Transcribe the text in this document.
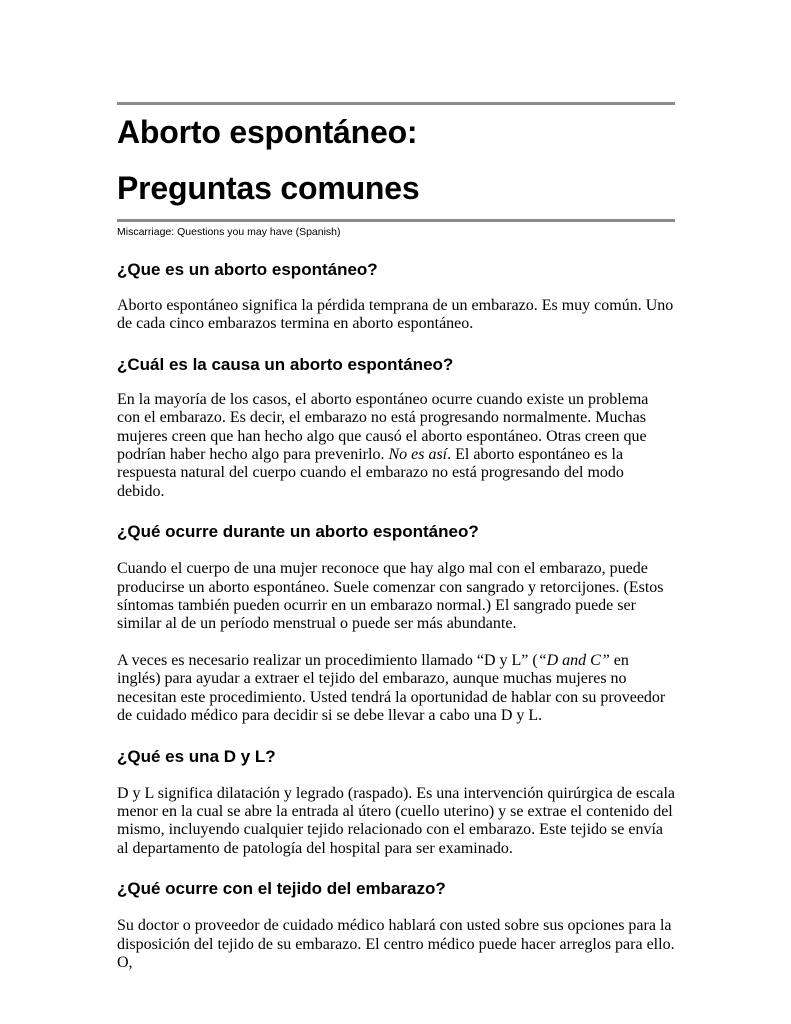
Aborto espontáneo:
Preguntas comunes
Miscarriage: Questions you may have (Spanish)
¿Que es un aborto espontáneo?

Aborto espontáneo significa la pérdida temprana de un embarazo. Es muy común. Uno de cada cinco embarazos termina en aborto espontáneo.

¿Cuál es la causa un aborto espontáneo?

En la mayoría de los casos, el aborto espontáneo ocurre cuando existe un problema con el embarazo. Es decir, el embarazo no está progresando normalmente. Muchas mujeres creen que han hecho algo que causó el aborto espontáneo. Otras creen que podrían haber hecho algo para prevenirlo. No es así. El aborto espontáneo es la respuesta natural del cuerpo cuando el embarazo no está progresando del modo debido.

¿Qué ocurre durante un aborto espontáneo?

Cuando el cuerpo de una mujer reconoce que hay algo mal con el embarazo, puede producirse un aborto espontáneo. Suele comenzar con sangrado y retorcijones. (Estos síntomas también pueden ocurrir en un embarazo normal.) El sangrado puede ser similar al de un período menstrual o puede ser más abundante.

A veces es necesario realizar un procedimiento llamado “D y L” (“D and C” en inglés) para ayudar a extraer el tejido del embarazo, aunque muchas mujeres no necesitan este procedimiento. Usted tendrá la oportunidad de hablar con su proveedor de cuidado médico para decidir si se debe llevar a cabo una D y L.

¿Qué es una D y L?

D y L significa dilatación y legrado (raspado). Es una intervención quirúrgica de escala menor en la cual se abre la entrada al útero (cuello uterino) y se extrae el contenido del mismo, incluyendo cualquier tejido relacionado con el embarazo. Este tejido se envía al departamento de patología del hospital para ser examinado.

¿Qué ocurre con el tejido del embarazo?

Su doctor o proveedor de cuidado médico hablará con usted sobre sus opciones para la disposición del tejido de su embarazo. El centro médico puede hacer arreglos para ello. O,
